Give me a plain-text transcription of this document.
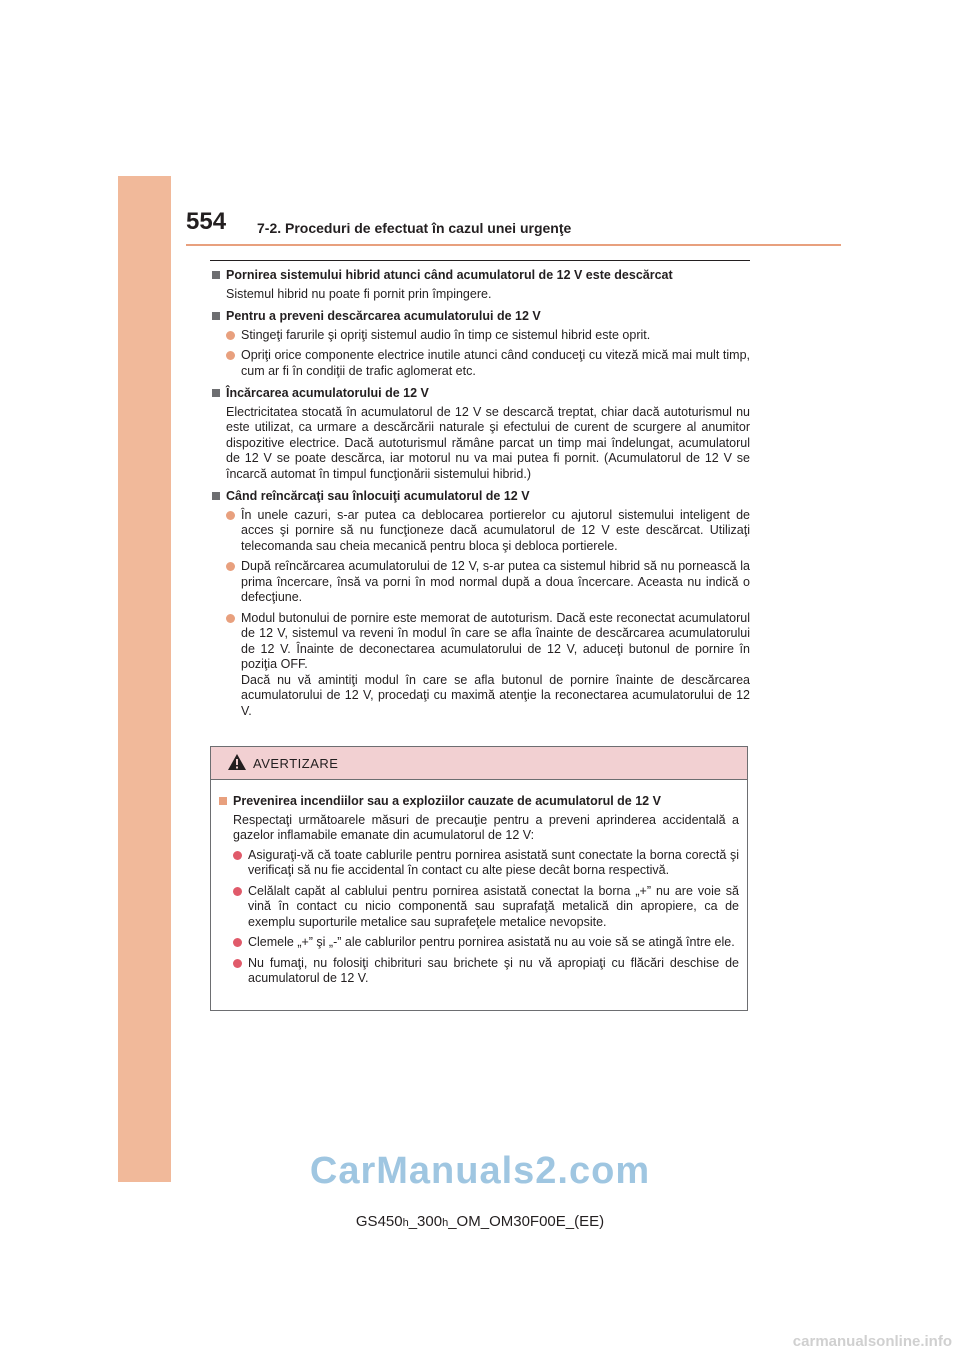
554 7-2. Proceduri de efectuat în cazul unei urgenţe
Pornirea sistemului hibrid atunci când acumulatorul de 12 V este descărcat
Sistemul hibrid nu poate fi pornit prin împingere.
Pentru a preveni descărcarea acumulatorului de 12 V
Stingeţi farurile şi opriţi sistemul audio în timp ce sistemul hibrid este oprit.
Opriţi orice componente electrice inutile atunci când conduceţi cu viteză mică mai mult timp, cum ar fi în condiţii de trafic aglomerat etc.
Încărcarea acumulatorului de 12 V
Electricitatea stocată în acumulatorul de 12 V se descarcă treptat, chiar dacă autoturismul nu este utilizat, ca urmare a descărcării naturale şi efectului de curent de scurgere al anumitor dispozitive electrice. Dacă autoturismul rămâne parcat un timp mai îndelungat, acumulatorul de 12 V se poate descărca, iar motorul nu va mai putea fi pornit. (Acumulatorul de 12 V se încarcă automat în timpul funcţionării sistemului hibrid.)
Când reîncărcaţi sau înlocuiţi acumulatorul de 12 V
În unele cazuri, s-ar putea ca deblocarea portierelor cu ajutorul sistemului inteligent de acces şi pornire să nu funcţioneze dacă acumulatorul de 12 V este descărcat. Utilizaţi telecomanda sau cheia mecanică pentru bloca şi debloca portierele.
După reîncărcarea acumulatorului de 12 V, s-ar putea ca sistemul hibrid să nu pornească la prima încercare, însă va porni în mod normal după a doua încercare. Aceasta nu indică o defecţiune.
Modul butonului de pornire este memorat de autoturism. Dacă este reconectat acumulatorul de 12 V, sistemul va reveni în modul în care se afla înainte de descărcarea acumulatorului de 12 V. Înainte de deconectarea acumulatorului de 12 V, aduceţi butonul de pornire în poziţia OFF.
Dacă nu vă amintiţi modul în care se afla butonul de pornire înainte de descărcarea acumulatorului de 12 V, procedaţi cu maximă atenţie la reconectarea acumulatorului de 12 V.
AVERTIZARE
Prevenirea incendiilor sau a exploziilor cauzate de acumulatorul de 12 V
Respectaţi următoarele măsuri de precauţie pentru a preveni aprinderea accidentală a gazelor inflamabile emanate din acumulatorul de 12 V:
Asiguraţi-vă că toate cablurile pentru pornirea asistată sunt conectate la borna corectă şi verificaţi să nu fie accidental în contact cu alte piese decât borna respectivă.
Celălalt capăt al cablului pentru pornirea asistată conectat la borna „+” nu are voie să vină în contact cu nicio componentă sau suprafaţă metalică din apropiere, ca de exemplu suporturile metalice sau suprafeţele metalice nevopsite.
Clemele „+” şi „-” ale cablurilor pentru pornirea asistată nu au voie să se atingă între ele.
Nu fumaţi, nu folosiţi chibrituri sau brichete şi nu vă apropiaţi cu flăcări deschise de acumulatorul de 12 V.
CarManuals2.com
GS450h_300h_OM_OM30F00E_(EE)
carmanualsonline.info
